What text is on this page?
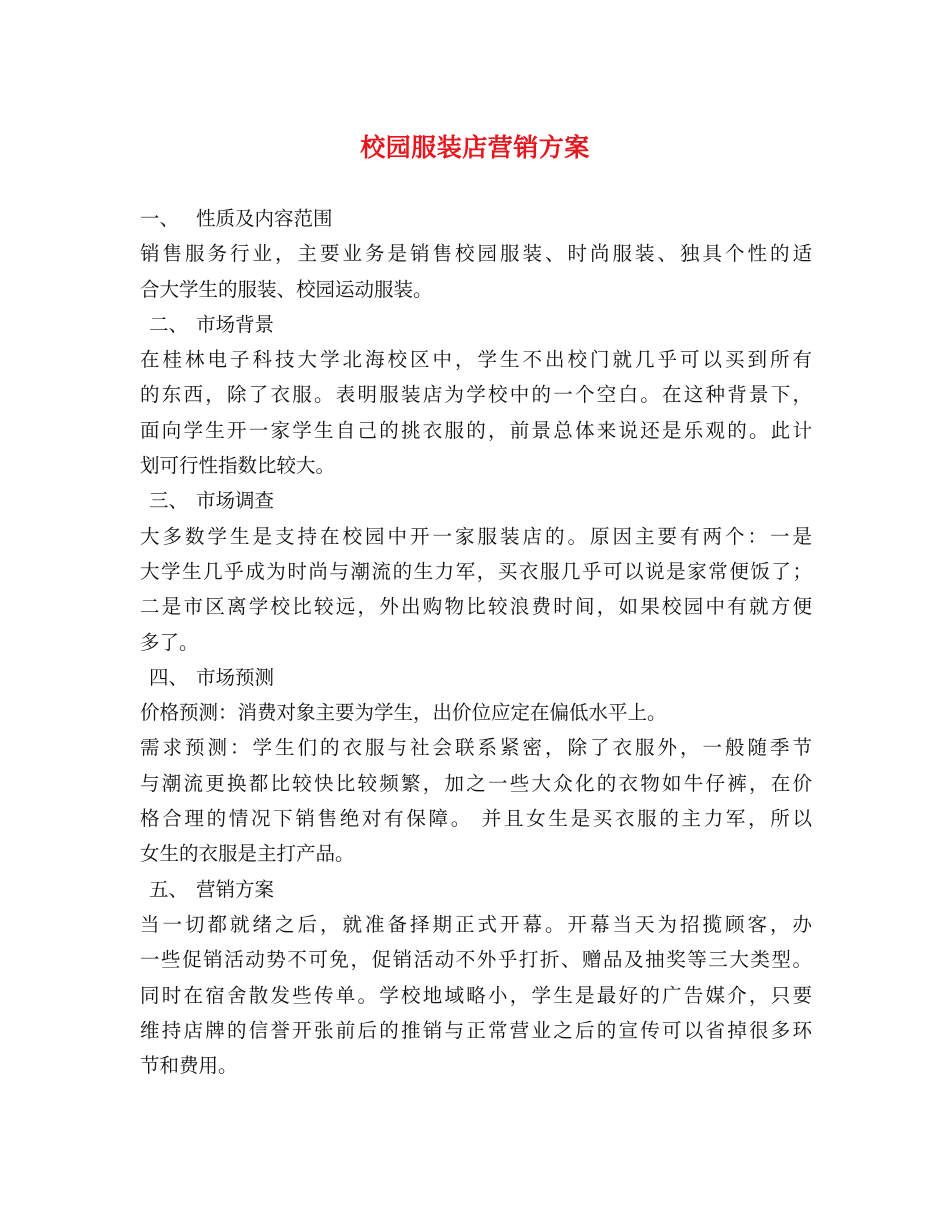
校园服装店营销方案
一、 性质及内容范围
销售服务行业，主要业务是销售校园服装、时尚服装、独具个性的适
合大学生的服装、校园运动服装。
二、 市场背景
在桂林电子科技大学北海校区中，学生不出校门就几乎可以买到所有
的东西，除了衣服。表明服装店为学校中的一个空白。在这种背景下，
面向学生开一家学生自己的挑衣服的，前景总体来说还是乐观的。此计
划可行性指数比较大。
三、 市场调查
大多数学生是支持在校园中开一家服装店的。原因主要有两个：一是
大学生几乎成为时尚与潮流的生力军，买衣服几乎可以说是家常便饭了；
二是市区离学校比较远，外出购物比较浪费时间，如果校园中有就方便
多了。
四、 市场预测
价格预测：消费对象主要为学生，出价位应定在偏低水平上。
需求预测：学生们的衣服与社会联系紧密，除了衣服外，一般随季节
与潮流更换都比较快比较频繁，加之一些大众化的衣物如牛仔裤，在价
格合理的情况下销售绝对有保障。 并且女生是买衣服的主力军，所以
女生的衣服是主打产品。
五、 营销方案
当一切都就绪之后，就准备择期正式开幕。开幕当天为招揽顾客，办
一些促销活动势不可免，促销活动不外乎打折、赠品及抽奖等三大类型。
同时在宿舍散发些传单。学校地域略小，学生是最好的广告媒介，只要
维持店牌的信誉开张前后的推销与正常营业之后的宣传可以省掉很多环
节和费用。
